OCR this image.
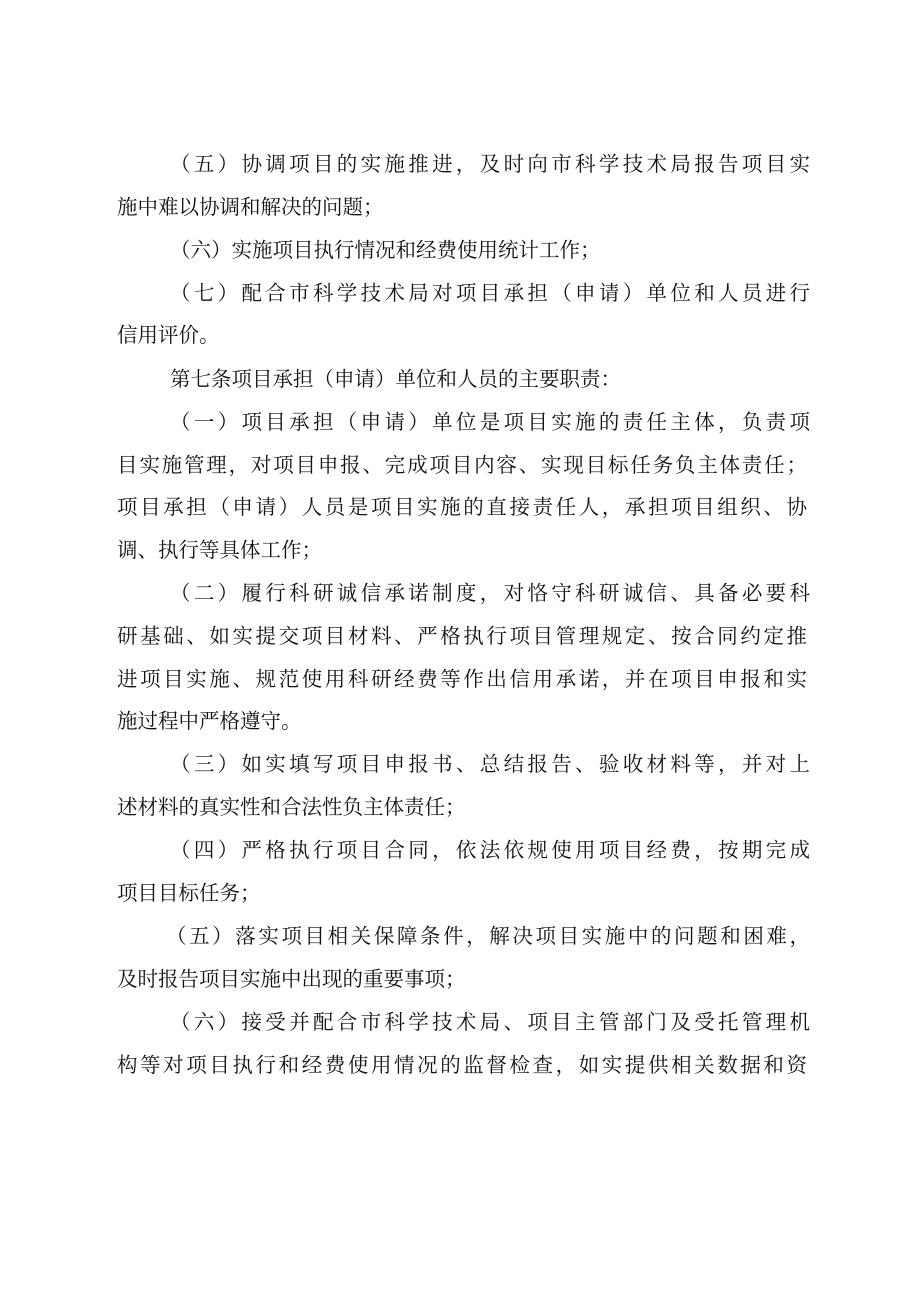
（五）协调项目的实施推进，及时向市科学技术局报告项目实
施中难以协调和解决的问题；
（六）实施项目执行情况和经费使用统计工作；
（七）配合市科学技术局对项目承担（申请）单位和人员进行
信用评价。
第七条项目承担（申请）单位和人员的主要职责：
（一）项目承担（申请）单位是项目实施的责任主体，负责项
目实施管理，对项目申报、完成项目内容、实现目标任务负主体责任；
项目承担（申请）人员是项目实施的直接责任人，承担项目组织、协
调、执行等具体工作；
（二）履行科研诚信承诺制度，对恪守科研诚信、具备必要科
研基础、如实提交项目材料、严格执行项目管理规定、按合同约定推
进项目实施、规范使用科研经费等作出信用承诺，并在项目申报和实
施过程中严格遵守。
（三）如实填写项目申报书、总结报告、验收材料等，并对上
述材料的真实性和合法性负主体责任；
（四）严格执行项目合同，依法依规使用项目经费，按期完成
项目目标任务；
（五）落实项目相关保障条件，解决项目实施中的问题和困难，
及时报告项目实施中出现的重要事项；
（六）接受并配合市科学技术局、项目主管部门及受托管理机
构等对项目执行和经费使用情况的监督检查，如实提供相关数据和资
